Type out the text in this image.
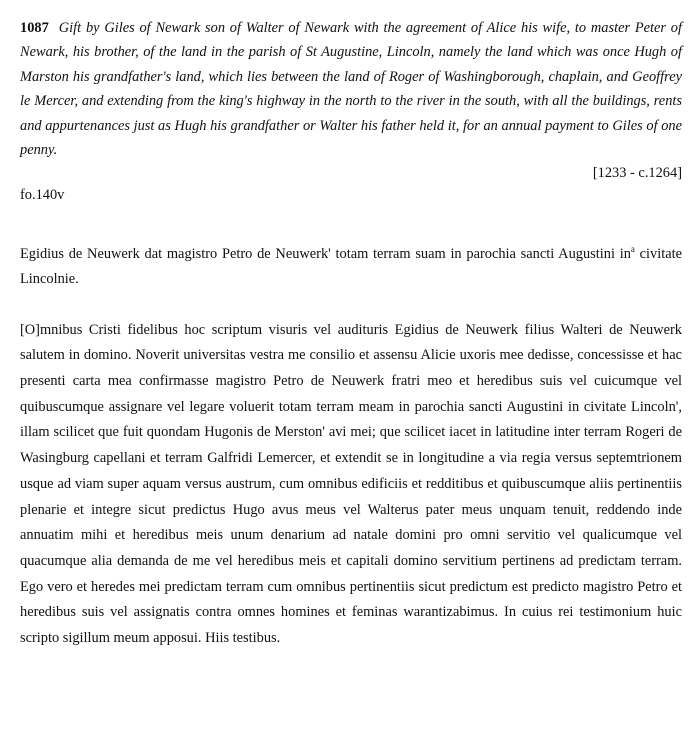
1087 Gift by Giles of Newark son of Walter of Newark with the agreement of Alice his wife, to master Peter of Newark, his brother, of the land in the parish of St Augustine, Lincoln, namely the land which was once Hugh of Marston his grandfather's land, which lies between the land of Roger of Washingborough, chaplain, and Geoffrey le Mercer, and extending from the king's highway in the north to the river in the south, with all the buildings, rents and appurtenances just as Hugh his grandfather or Walter his father held it, for an annual payment to Giles of one penny.

[1233 - c.1264]
fo.140v

Egidius de Neuwerk dat magistro Petro de Neuwerk' totam terram suam in parochia sancti Augustini $in^a$ civitate Lincolnie.

[O]mnibus Cristi fidelibus hoc scriptum visuris vel audituris Egidius de Neuwerk filius Walteri de Neuwerk salutem in domino. Noverit universitas vestra me consilio et assensu Alicie uxoris mee dedisse, concessisse et hac presenti carta mea confirmasse magistro Petro de Neuwerk fratri meo et heredibus suis vel cuicumque vel quibuscumque assignare vel legare voluerit totam terram meam in parochia sancti Augustini in civitate Lincoln', illam scilicet que fuit quondam Hugonis de Merston' avi mei; que scilicet iacet in latitudine inter terram Rogeri de Wasingburg capellani et terram Galfridi Lemercer, et extendit se in longitudine a via regia versus septemtrionem usque ad viam super aquam versus austrum, cum omnibus edificiis et redditibus et quibuscumque aliis pertinentiis plenarie et integre sicut predictus Hugo avus meus vel Walterus pater meus unquam tenuit, reddendo inde annuatim mihi et heredibus meis unum denarium ad natale domini pro omni servitio vel qualicumque vel quacumque alia demanda de me vel heredibus meis et capitali domino servitium pertinens ad predictam terram. Ego vero et heredes mei predictam terram cum omnibus pertinentiis sicut predictum est predicto magistro Petro et heredibus suis vel assignatis contra omnes homines et feminas warantizabimus. In cuius rei testimonium huic scripto sigillum meum apposui. Hiis testibus.
